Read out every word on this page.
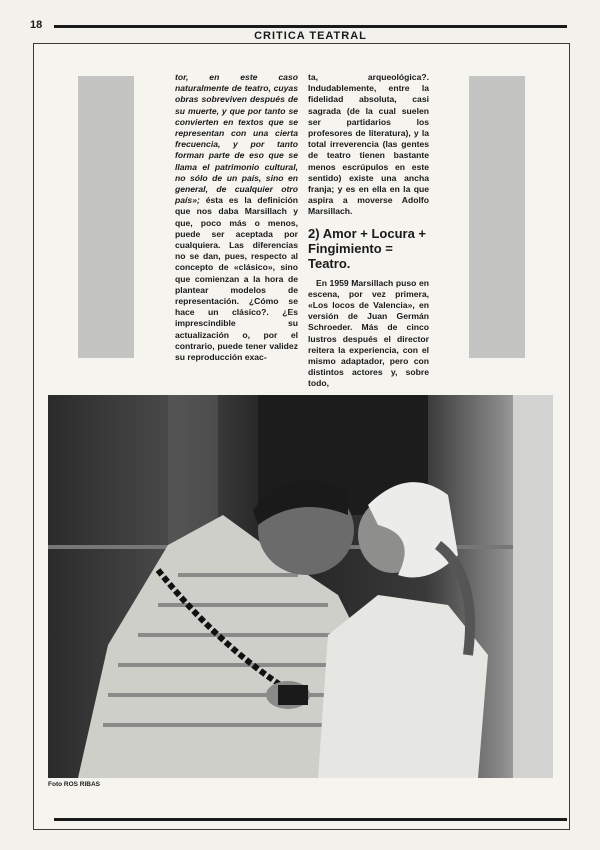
18
CRITICA TEATRAL

tor, en este caso naturalmente de teatro, cuyas obras sobreviven después de su muerte, y que por tanto se convierten en textos que se representan con una cierta frecuencia, y por tanto forman parte de eso que se llama el patrimonio cultural, no sólo de un país, sino en general, de cualquier otro país»; ésta es la definición que nos daba Marsillach y que, poco más o menos, puede ser aceptada por cualquiera. Las diferencias no se dan, pues, respecto al concepto de «clásico», sino que comienzan a la hora de plantear modelos de representación. ¿Cómo se hace un clásico?. ¿Es imprescindible su actualización o, por el contrario, puede tener validez su reproducción exac-

ta, arqueológica?. Indudablemente, entre la fidelidad absoluta, casi sagrada (de la cual suelen ser partidarios los profesores de literatura), y la total irreverencia (las gentes de teatro tienen bastante menos escrúpulos en este sentido) existe una ancha franja; y es en ella en la que aspira a moverse Adolfo Marsillach.

2) Amor + Locura + Fingimiento = Teatro.

En 1959 Marsillach puso en escena, por vez primera, «Los locos de Valencia», en versión de Juan Germán Schroeder. Más de cinco lustros después el director reitera la experiencia, con el mismo adaptador, pero con distintos actores y, sobre todo,

Foto ROS RIBAS
